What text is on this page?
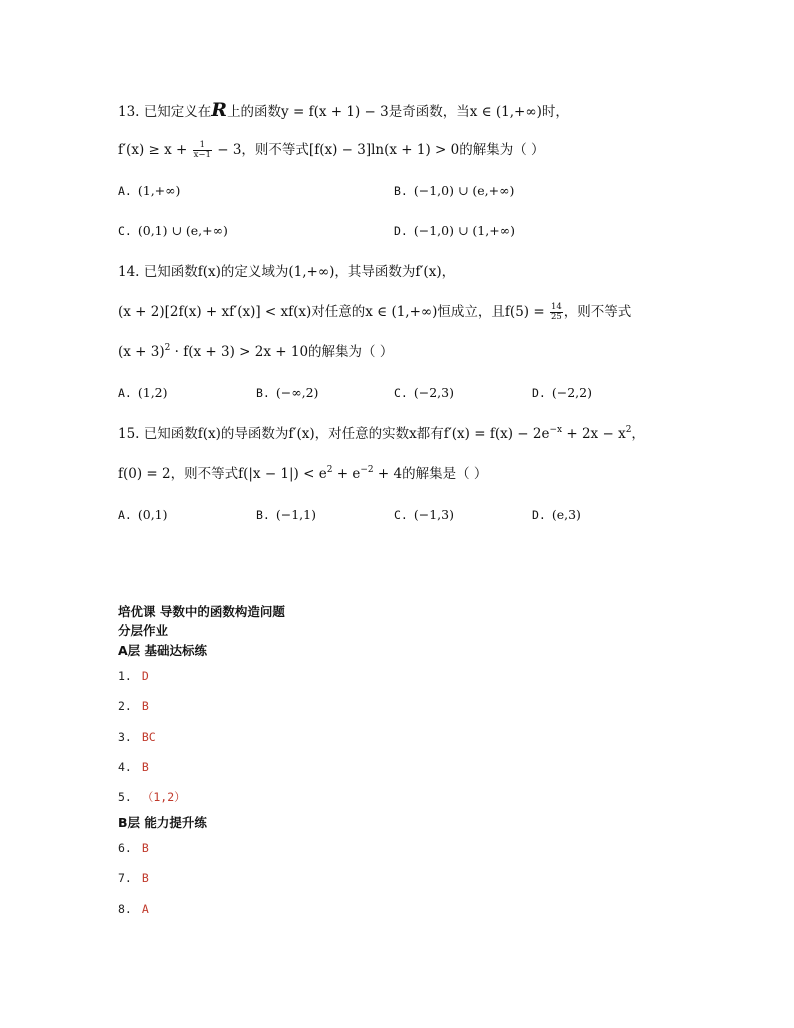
13. 已知定义在R上的函数y = f(x + 1) − 3是奇函数，当x ∈ (1,+∞)时，
$f'(x) \ge x + \frac{1}{x-1} - 3$，则不等式[f(x) − 3]ln(x + 1) > 0的解集为（ ）
A. (1,+∞)	B. (−1,0) ∪ (e,+∞)
C. (0,1) ∪ (e,+∞)	D. (−1,0) ∪ (1,+∞)
14. 已知函数f(x)的定义域为(1,+∞)，其导函数为f′(x)，
(x + 2)[2f(x) + xf′(x)] < xf(x)对任意的x ∈ (1,+∞)恒成立，且$f(5) = \frac{14}{25}$ ，则不等式
$(x + 3)^2 \cdot f(x + 3) > 2x + 10$的解集为（ ）
A. (1,2)	B. (−∞,2)	C. (−2,3)	D. (−2,2)
15. 已知函数f(x)的导函数为f′(x)，对任意的实数x都有$f'(x) = f(x) - 2e^{-x} + 2x - x^2$，
f(0) = 2，则不等式$f(|x - 1|) < e^2 + e^{-2} + 4$的解集是（ ）
A. (0,1)	B. (−1,1)	C. (−1,3)	D. (e,3)
培优课 导数中的函数构造问题
分层作业
A层 基础达标练
1. D
2. B
3. BC
4. B
5. （1,2）
B层 能力提升练
6. B
7. B
8. A
